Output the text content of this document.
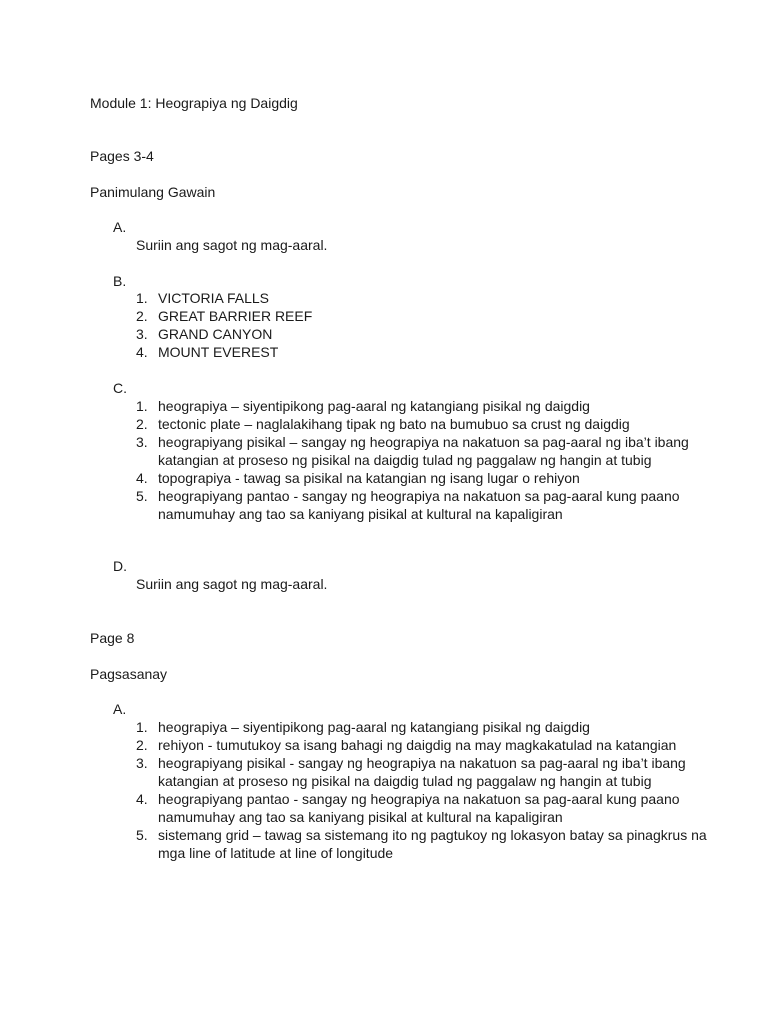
Module 1: Heograpiya ng Daigdig
Pages 3-4
Panimulang Gawain
A.
Suriin ang sagot ng mag-aaral.
B.
1. VICTORIA FALLS
2. GREAT BARRIER REEF
3. GRAND CANYON
4. MOUNT EVEREST
C.
1. heograpiya – siyentipikong pag-aaral ng katangiang pisikal ng daigdig
2. tectonic plate – naglalakihang tipak ng bato na bumubuo sa crust ng daigdig
3. heograpiyang pisikal – sangay ng heograpiya na nakatuon sa pag-aaral ng iba’t ibang katangian at proseso ng pisikal na daigdig tulad ng paggalaw ng hangin at tubig
4. topograpiya - tawag sa pisikal na katangian ng isang lugar o rehiyon
5. heograpiyang pantao - sangay ng heograpiya na nakatuon sa pag-aaral kung paano namumuhay ang tao sa kaniyang pisikal at kultural na kapaligiran
D.
Suriin ang sagot ng mag-aaral.
Page 8
Pagsasanay
A.
1. heograpiya – siyentipikong pag-aaral ng katangiang pisikal ng daigdig
2. rehiyon - tumutukoy sa isang bahagi ng daigdig na may magkakatulad na katangian
3. heograpiyang pisikal - sangay ng heograpiya na nakatuon sa pag-aaral ng iba’t ibang katangian at proseso ng pisikal na daigdig tulad ng paggalaw ng hangin at tubig
4. heograpiyang pantao - sangay ng heograpiya na nakatuon sa pag-aaral kung paano namumuhay ang tao sa kaniyang pisikal at kultural na kapaligiran
5. sistemang grid – tawag sa sistemang ito ng pagtukoy ng lokasyon batay sa pinagkrus na mga line of latitude at line of longitude
